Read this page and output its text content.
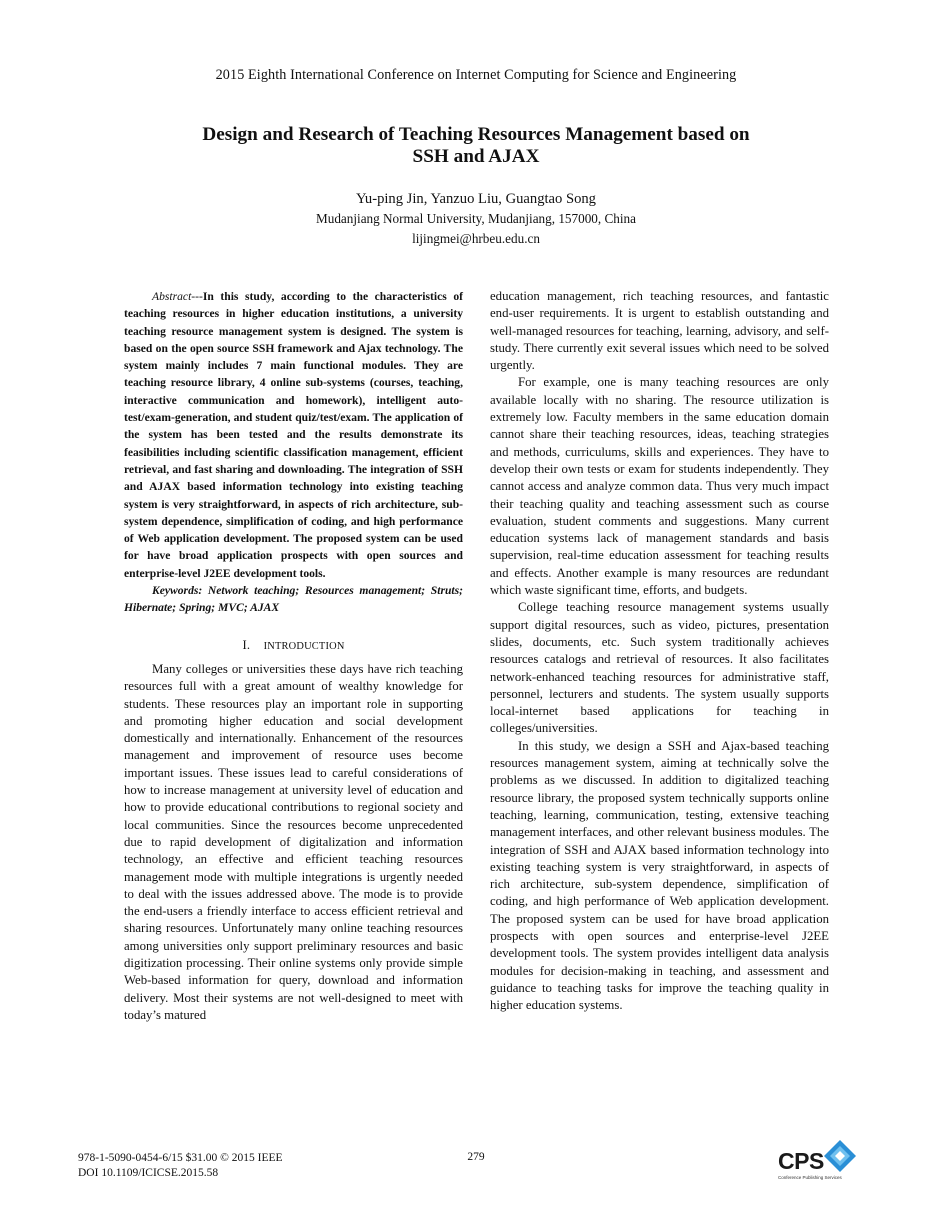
2015 Eighth International Conference on Internet Computing for Science and Engineering
Design and Research of Teaching Resources Management based on
SSH and AJAX
Yu-ping Jin, Yanzuo Liu, Guangtao Song
Mudanjiang Normal University, Mudanjiang, 157000, China
lijingmei@hrbeu.edu.cn

Abstract---In this study, according to the characteristics of teaching resources in higher education institutions, a university teaching resource management system is designed. The system is based on the open source SSH framework and Ajax technology. The system mainly includes 7 main functional modules. They are teaching resource library, 4 online sub-systems (courses, teaching, interactive communication and homework), intelligent auto-test/exam-generation, and student quiz/test/exam. The application of the system has been tested and the results demonstrate its feasibilities including scientific classification management, efficient retrieval, and fast sharing and downloading. The integration of SSH and AJAX based information technology into existing teaching system is very straightforward, in aspects of rich architecture, sub-system dependence, simplification of coding, and high performance of Web application development. The proposed system can be used for have broad application prospects with open sources and enterprise-level J2EE development tools.

Keywords: Network teaching; Resources management; Struts; Hibernate; Spring; MVC; AJAX

I. INTRODUCTION

Many colleges or universities these days have rich teaching resources full with a great amount of wealthy knowledge for students. These resources play an important role in supporting and promoting higher education and social development domestically and internationally. Enhancement of the resources management and improvement of resource uses become important issues. These issues lead to careful considerations of how to increase management at university level of education and how to provide educational contributions to regional society and local communities. Since the resources become unprecedented due to rapid development of digitalization and information technology, an effective and efficient teaching resources management mode with multiple integrations is urgently needed to deal with the issues addressed above. The mode is to provide the end-users a friendly interface to access efficient retrieval and sharing resources. Unfortunately many online teaching resources among universities only support preliminary resources and basic digitization processing. Their online systems only provide simple Web-based information for query, download and information delivery. Most their systems are not well-designed to meet with today’s matured

education management, rich teaching resources, and fantastic end-user requirements. It is urgent to establish outstanding and well-managed resources for teaching, learning, advisory, and self-study. There currently exit several issues which need to be solved urgently.

For example, one is many teaching resources are only available locally with no sharing. The resource utilization is extremely low. Faculty members in the same education domain cannot share their teaching resources, ideas, teaching strategies and methods, curriculums, skills and experiences. They have to develop their own tests or exam for students independently. They cannot access and analyze common data. Thus very much impact their teaching quality and teaching assessment such as course evaluation, student comments and suggestions. Many current education systems lack of management standards and basis supervision, real-time education assessment for teaching results and effects. Another example is many resources are redundant which waste significant time, efforts, and budgets.

College teaching resource management systems usually support digital resources, such as video, pictures, presentation slides, documents, etc. Such system traditionally achieves resources catalogs and retrieval of resources. It also facilitates network-enhanced teaching resources for administrative staff, personnel, lecturers and students. The system usually supports local-internet based applications for teaching in colleges/universities.

In this study, we design a SSH and Ajax-based teaching resources management system, aiming at technically solve the problems as we discussed. In addition to digitalized teaching resource library, the proposed system technically supports online teaching, learning, communication, testing, extensive teaching management interfaces, and other relevant business modules. The integration of SSH and AJAX based information technology into existing teaching system is very straightforward, in aspects of rich architecture, sub-system dependence, simplification of coding, and high performance of Web application development. The proposed system can be used for have broad application prospects with open sources and enterprise-level J2EE development tools. The system provides intelligent data analysis modules for decision-making in teaching, and assessment and guidance to teaching tasks for improve the teaching quality in higher education systems.

978-1-5090-0454-6/15 $31.00 © 2015 IEEE
DOI 10.1109/ICICSE.2015.58
279	CPS
Conference Publishing Services
